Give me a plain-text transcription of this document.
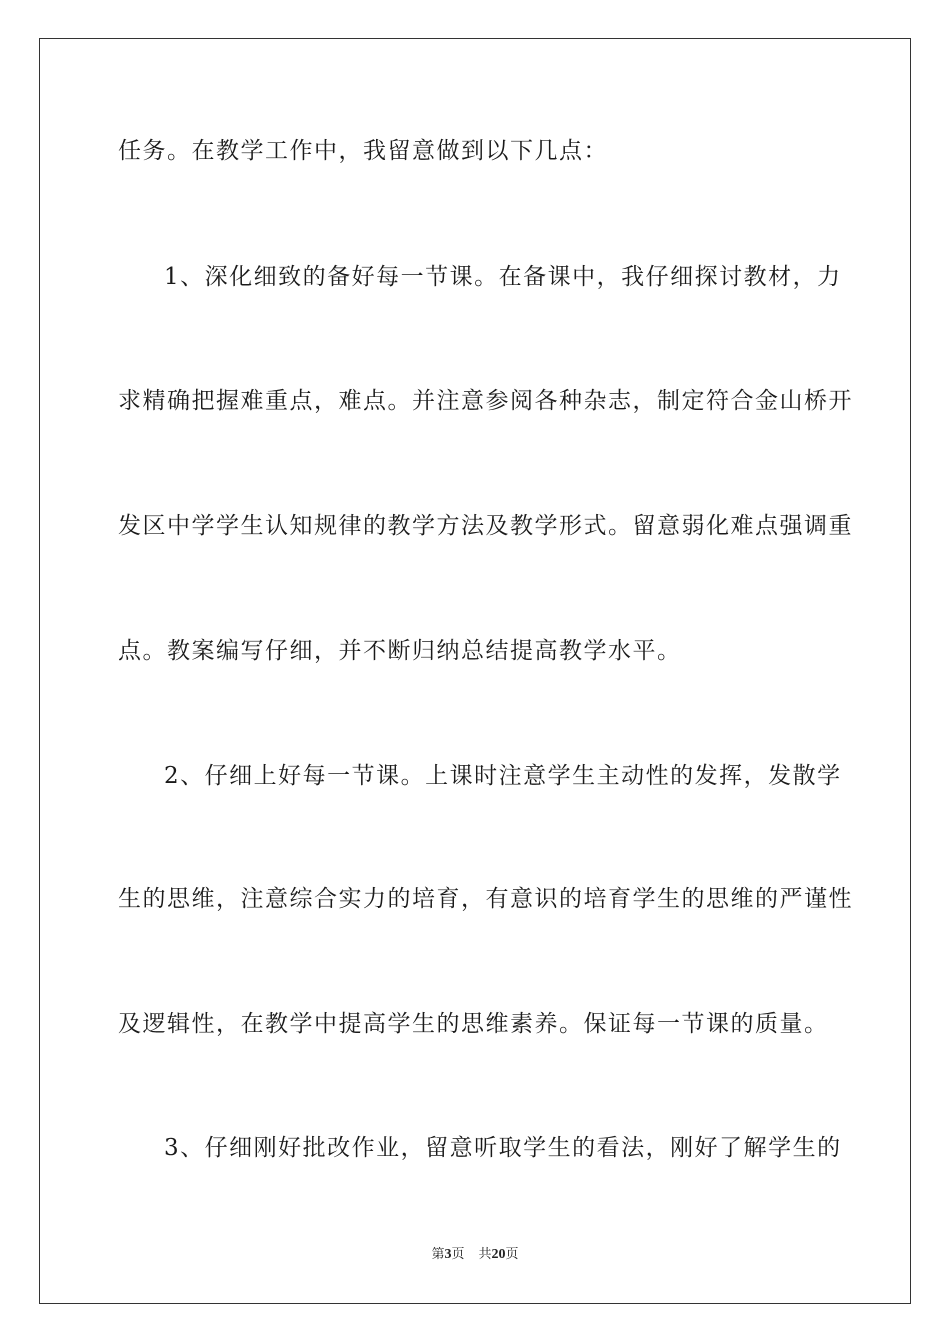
任务。在教学工作中，我留意做到以下几点：

1、深化细致的备好每一节课。在备课中，我仔细探讨教材，力

求精确把握难重点，难点。并注意参阅各种杂志，制定符合金山桥开

发区中学学生认知规律的教学方法及教学形式。留意弱化难点强调重

点。教案编写仔细，并不断归纳总结提高教学水平。

2、仔细上好每一节课。上课时注意学生主动性的发挥，发散学

生的思维，注意综合实力的培育，有意识的培育学生的思维的严谨性

及逻辑性，在教学中提高学生的思维素养。保证每一节课的质量。

3、仔细刚好批改作业，留意听取学生的看法，刚好了解学生的

第3页 共20页
